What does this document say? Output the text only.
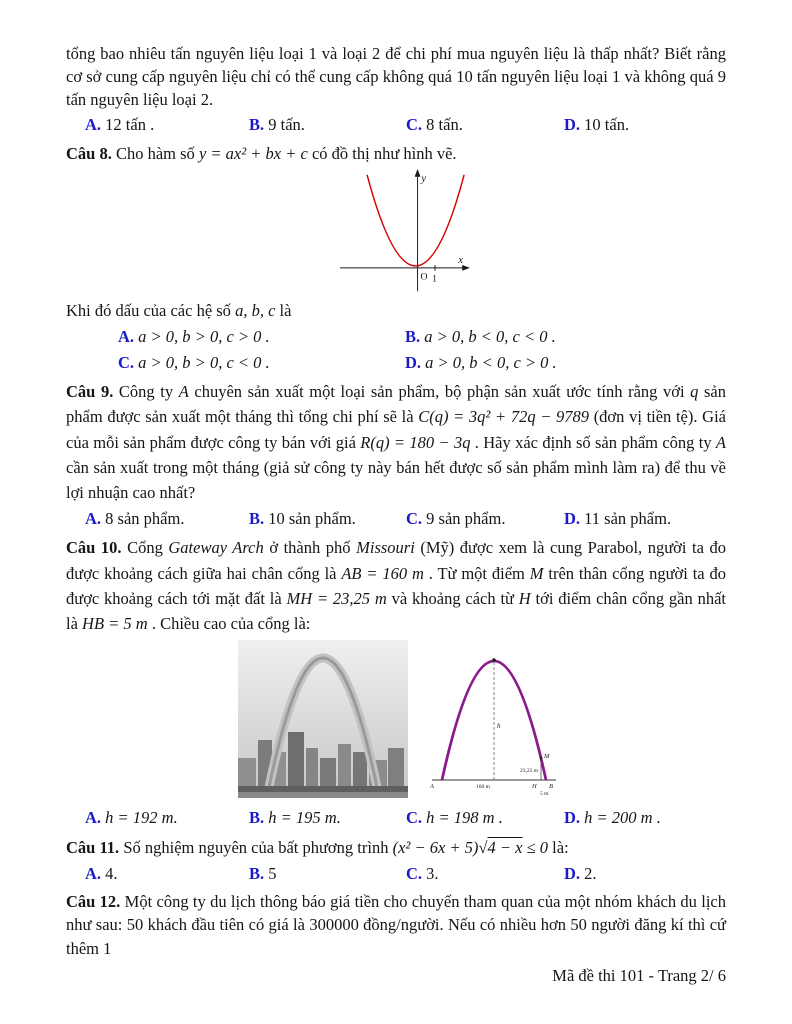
tổng bao nhiêu tấn nguyên liệu loại 1 và loại 2 để chi phí mua nguyên liệu là thấp nhất? Biết rằng cơ sở cung cấp nguyên liệu chỉ có thể cung cấp không quá 10 tấn nguyên liệu loại 1 và không quá 9 tấn nguyên liệu loại 2.

A. 12 tấn .	B. 9 tấn.	C. 8 tấn.	D. 10 tấn.

Câu 8. Cho hàm số y = ax² + bx + c có đồ thị như hình vẽ.

y
x
O 1

Khi đó dấu của các hệ số a, b, c là

A. a > 0, b > 0, c > 0 .	B. a > 0, b < 0, c < 0 .
C. a > 0, b > 0, c < 0 .	D. a > 0, b < 0, c > 0 .

Câu 9. Công ty A chuyên sản xuất một loại sản phẩm, bộ phận sản xuất ước tính rằng với q sản phẩm được sản xuất một tháng thì tổng chi phí sẽ là C(q) = 3q² + 72q − 9789 (đơn vị tiền tệ). Giá của mỗi sản phẩm được công ty bán với giá R(q) = 180 − 3q . Hãy xác định số sản phẩm công ty A cần sản xuất trong một tháng (giả sử công ty này bán hết được số sản phẩm mình làm ra) để thu về lợi nhuận cao nhất?

A. 8 sản phẩm.	B. 10 sản phẩm.	C. 9 sản phẩm.	D. 11 sản phẩm.

Câu 10. Cổng Gateway Arch ở thành phố Missouri (Mỹ) được xem là cung Parabol, người ta đo được khoảng cách giữa hai chân cổng là AB = 160 m . Từ một điểm M trên thân cổng người ta đo được khoảng cách tới mặt đất là MH = 23,25 m và khoảng cách từ H tới điểm chân cổng gần nhất là HB = 5 m . Chiều cao của cổng là:

h
M
23,25 m
160 m
A	B
H
5 m
A. h = 192 m.	B. h = 195 m.	C. h = 198 m .	D. h = 200 m .

Câu 11. Số nghiệm nguyên của bất phương trình (x² − 6x + 5)√4 − x ≤ 0 là:

A. 4.	B. 5	C. 3.	D. 2.

Câu 12. Một công ty du lịch thông báo giá tiền cho chuyến tham quan của một nhóm khách du lịch như sau: 50 khách đầu tiên có giá là 300000 đồng/người. Nếu có nhiều hơn 50 người đăng kí thì cứ thêm 1

Mã đề thi 101 - Trang 2/ 6
